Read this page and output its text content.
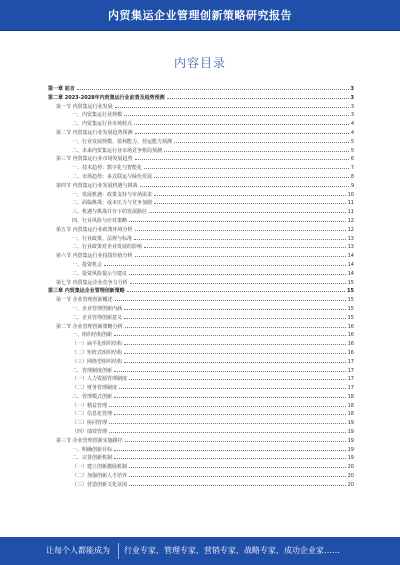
内贸集运企业管理创新策略研究报告
内容目录
第一章 前言	3
第二章 2023-2028年内贸集运行业前景及趋势预测	3
第一节 内贸集运行业发展	3
一、内贸集运行业规模	3
二、内贸集运行业市场特点	4
第二节 内贸集运行业发展趋势预测	4
一、行业发展规模、盈利能力、营运能力预测	5
二、未来内贸集运行业市场竞争格局预测	5
第三节 内贸集运行业市场发展趋势	6
一、技术趋势：数字化与智能化	7
二、市场趋势：多式联运与绿色发展	8
第四节 内贸集运行业发展机遇与挑战	9
一、发展机遇：政策支持与市场需求	10
二、面临挑战：成本压力与竞争加剧	11
三、机遇与挑战并存下的发展路径	11
四、行业风险与应对策略	12
第五节 内贸集运行业政策环境分析	12
一、行业政策、法规与标准	13
二、行业政策对企业发展的影响	13
第六节 内贸集运行业投资价值分析	14
一、投资机会	14
二、投资风险提示与建议	14
第七节 内贸集运企业竞争力分析	15
第三章 内贸集运企业管理创新策略	15
第一节 企业管理创新概述	15
一、企业管理创新内涵	15
二、企业管理创新意义	15
第二节 企业管理创新策略分析	16
一、组织结构创新	16
（一）扁平化组织结构	16
（二）矩阵式组织结构	16
（三）网络型组织结构	17
二、管理制度创新	17
（一）人力资源管理制度	17
（二）财务管理制度	17
三、管理模式创新	18
（一）精益管理	18
（二）信息化管理	18
（三）协同管理	19
（四）绩效管理	19
第三节 企业管理创新实施路径	19
一、明确创新目标	19
二、完善创新机制	19
（一）建立创新激励机制	20
（二）加强创新人才培养	20
（三）营造创新文化氛围	20
让每个人都能成为 行业专家、管理专家、营销专家、战略专家、成功企业家……
